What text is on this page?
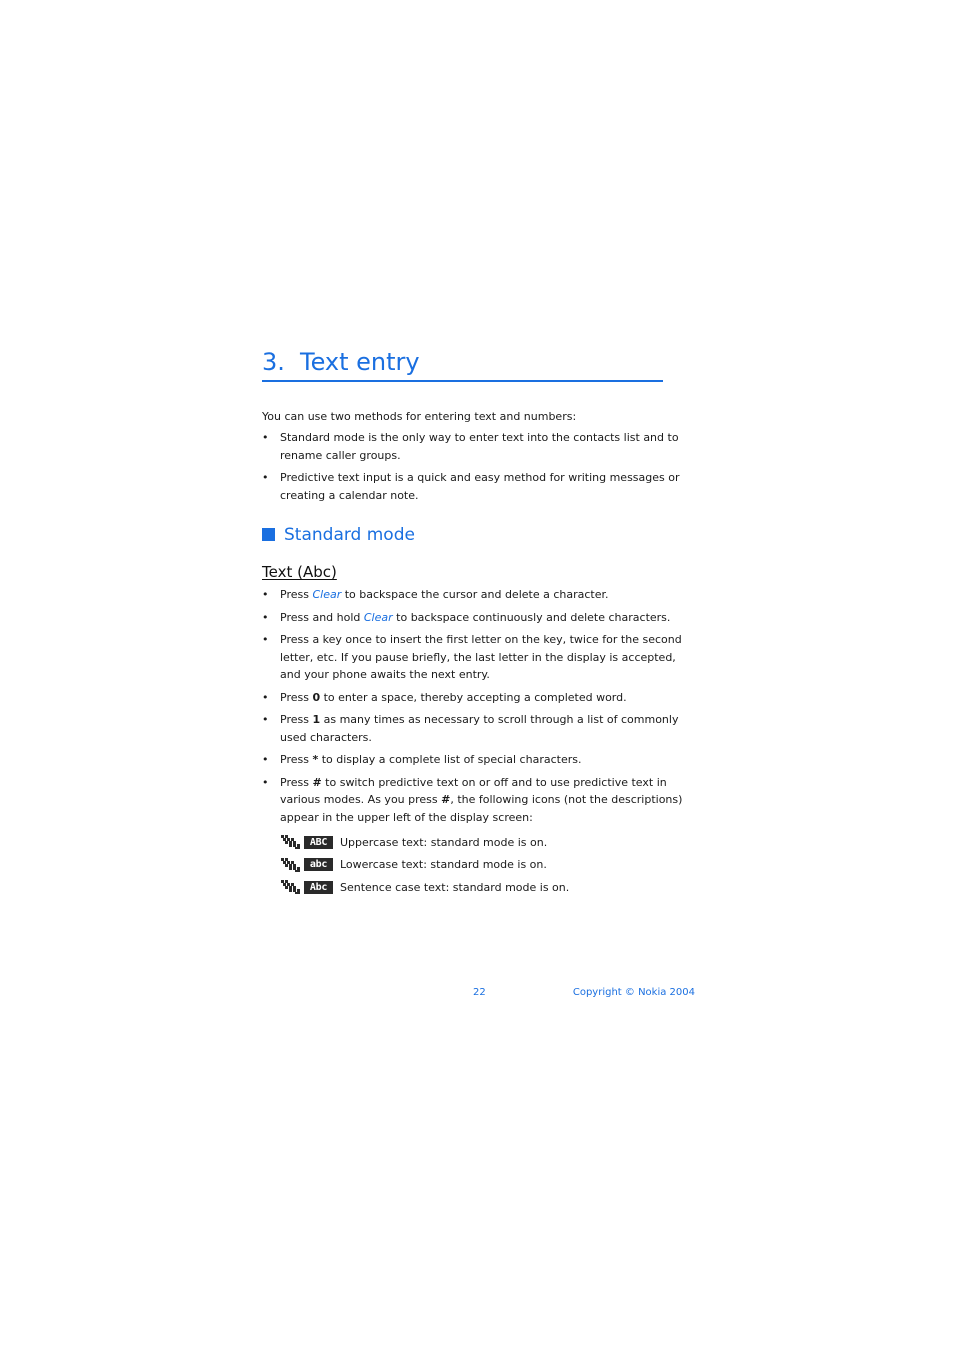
3. Text entry
You can use two methods for entering text and numbers:
• Standard mode is the only way to enter text into the contacts list and to rename caller groups.
• Predictive text input is a quick and easy method for writing messages or creating a calendar note.
Standard mode
Text (Abc)
• Press Clear to backspace the cursor and delete a character.
• Press and hold Clear to backspace continuously and delete characters.
• Press a key once to insert the first letter on the key, twice for the second letter, etc. If you pause briefly, the last letter in the display is accepted, and your phone awaits the next entry.
• Press 0 to enter a space, thereby accepting a completed word.
• Press 1 as many times as necessary to scroll through a list of commonly used characters.
• Press * to display a complete list of special characters.
• Press # to switch predictive text on or off and to use predictive text in various modes. As you press #, the following icons (not the descriptions) appear in the upper left of the display screen:
ABC	Uppercase text: standard mode is on.
abc	Lowercase text: standard mode is on.
Abc	Sentence case text: standard mode is on.
22	Copyright © Nokia 2004
